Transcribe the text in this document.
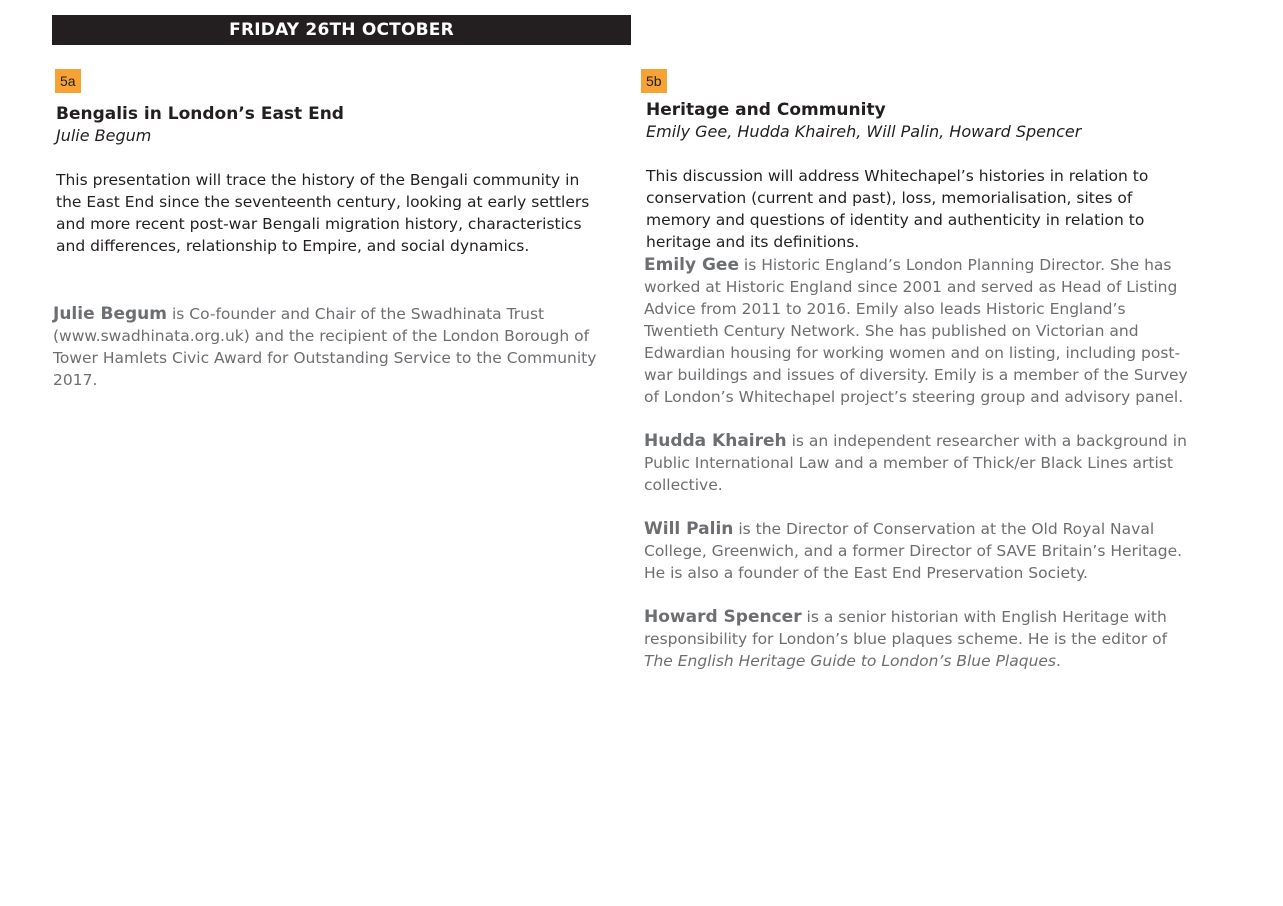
FRIDAY 26TH OCTOBER
5a
Bengalis in London’s East End

Julie Begum

This presentation will trace the history of the Bengali community in the East End since the seventeenth century, looking at early settlers and more recent post-war Bengali migration history, characteristics and differences, relationship to Empire, and social dynamics.

Julie Begum is Co-founder and Chair of the Swadhinata Trust (www.swadhinata.org.uk) and the recipient of the London Borough of Tower Hamlets Civic Award for Outstanding Service to the Community 2017.

5b
Heritage and Community

Emily Gee, Hudda Khaireh, Will Palin, Howard Spencer

This discussion will address Whitechapel’s histories in relation to conservation (current and past), loss, memorialisation, sites of memory and questions of identity and authenticity in relation to heritage and its definitions.

Emily Gee is Historic England’s London Planning Director. She has worked at Historic England since 2001 and served as Head of Listing Advice from 2011 to 2016. Emily also leads Historic England’s Twentieth Century Network. She has published on Victorian and Edwardian housing for working women and on listing, including post-war buildings and issues of diversity. Emily is a member of the Survey of London’s Whitechapel project’s steering group and advisory panel.

Hudda Khaireh is an independent researcher with a background in Public International Law and a member of Thick/er Black Lines artist collective.

Will Palin is the Director of Conservation at the Old Royal Naval College, Greenwich, and a former Director of SAVE Britain’s Heritage. He is also a founder of the East End Preservation Society.

Howard Spencer is a senior historian with English Heritage with responsibility for London’s blue plaques scheme. He is the editor of The English Heritage Guide to London’s Blue Plaques.
